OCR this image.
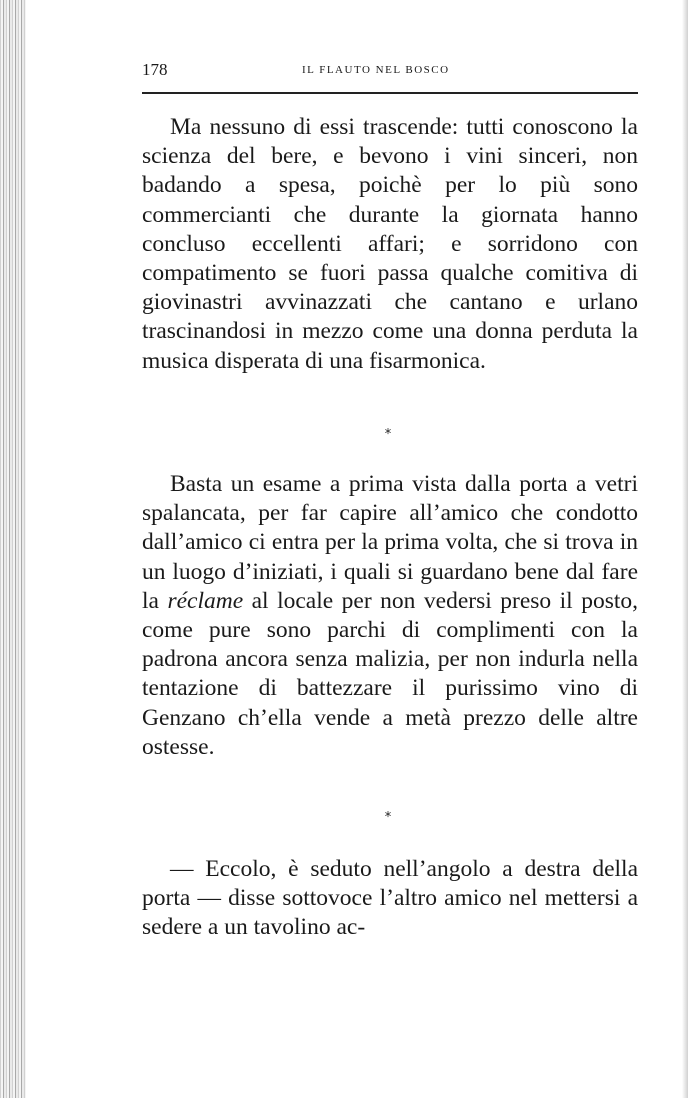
178	IL FLAUTO NEL BOSCO

Ma nessuno di essi trascende: tutti conoscono la scienza del bere, e bevono i vini sinceri, non badando a spesa, poichè per lo più sono commercianti che durante la giornata hanno concluso eccellenti affari; e sorridono con compatimento se fuori passa qualche comitiva di giovinastri avvinazzati che cantano e urlano trascinandosi in mezzo come una donna perduta la musica disperata di una fisarmonica.

*

Basta un esame a prima vista dalla porta a vetri spalancata, per far capire all’amico che condotto dall’amico ci entra per la prima volta, che si trova in un luogo d’iniziati, i quali si guardano bene dal fare la réclame al locale per non vedersi preso il posto, come pure sono parchi di complimenti con la padrona ancora senza malizia, per non indurla nella tentazione di battezzare il purissimo vino di Genzano ch’ella vende a metà prezzo delle altre ostesse.

*

— Eccolo, è seduto nell’angolo a destra della porta — disse sottovoce l’altro amico nel mettersi a sedere a un tavolino ac-
